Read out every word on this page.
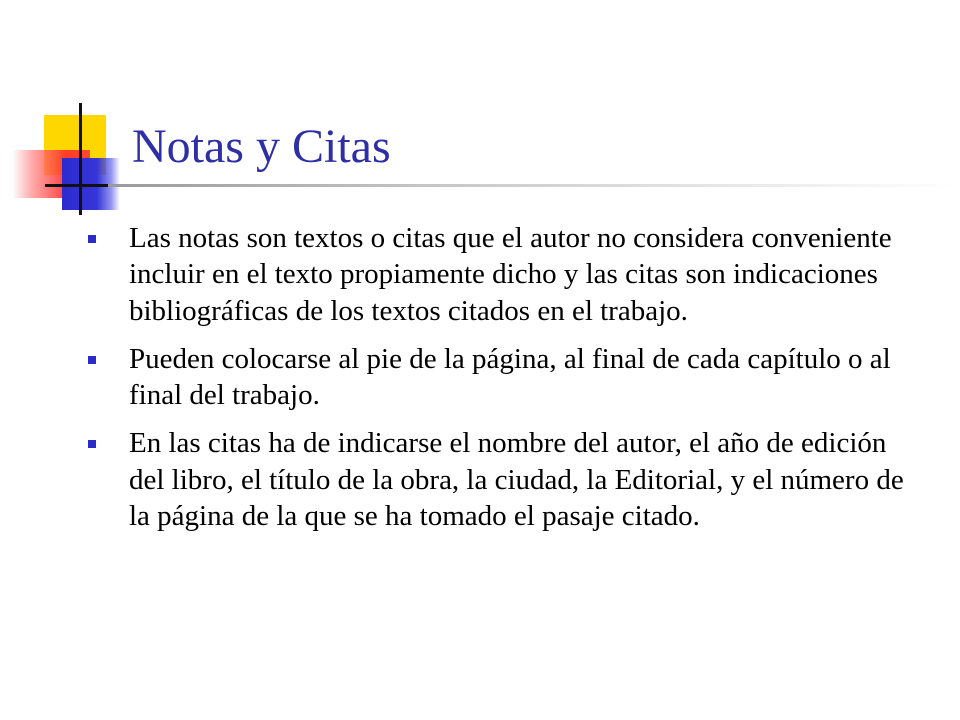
Notas y Citas
Las notas son textos o citas que el autor no considera conveniente incluir en el texto propiamente dicho y las citas son indicaciones bibliográficas de los textos citados en el trabajo.
Pueden colocarse al pie de la página, al final de cada capítulo o al final del trabajo.
En las citas ha de indicarse el nombre del autor, el año de edición del libro, el título de la obra, la ciudad, la Editorial, y el número de la página de la que se ha tomado el pasaje citado.
